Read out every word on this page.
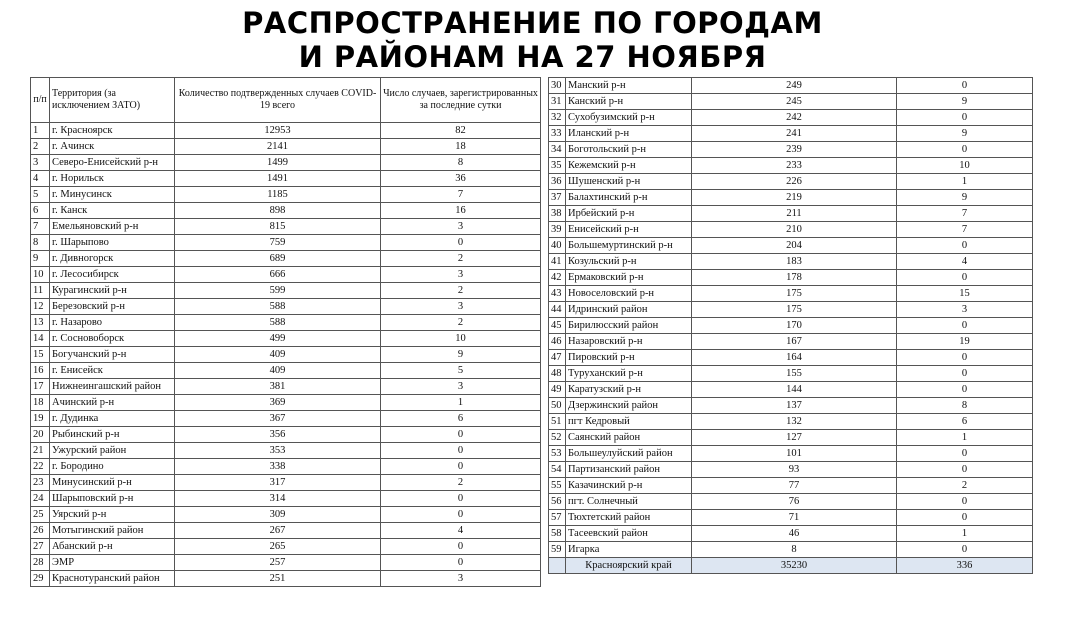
РАСПРОСТРАНЕНИЕ ПО ГОРОДАМ
И РАЙОНАМ НА 27 НОЯБРЯ
п/п	Территория (за исключением ЗАТО)	Количество подтвержденных случаев COVID-19 всего	Число случаев, зарегистрированных за последние сутки
1	г. Красноярск	12953	82
2	г. Ачинск	2141	18
3	Северо-Енисейский р-н	1499	8
4	г. Норильск	1491	36
5	г. Минусинск	1185	7
6	г. Канск	898	16
7	Емельяновский р-н	815	3
8	г. Шарыпово	759	0
9	г. Дивногорск	689	2
10	г. Лесосибирск	666	3
11	Курагинский р-н	599	2
12	Березовский р-н	588	3
13	г. Назарово	588	2
14	г. Сосновоборск	499	10
15	Богучанский р-н	409	9
16	г. Енисейск	409	5
17	Нижнеингашский район	381	3
18	Ачинский р-н	369	1
19	г. Дудинка	367	6
20	Рыбинский р-н	356	0
21	Ужурский район	353	0
22	г. Бородино	338	0
23	Минусинский р-н	317	2
24	Шарыповский р-н	314	0
25	Уярский р-н	309	0
26	Мотыгинский район	267	4
27	Абанский р-н	265	0
28	ЭМР	257	0
29	Краснотуранский район	251	3
30	Манский р-н	249	0
31	Канский р-н	245	9
32	Сухобузимский р-н	242	0
33	Иланский р-н	241	9
34	Боготольский р-н	239	0
35	Кежемский р-н	233	10
36	Шушенский р-н	226	1
37	Балахтинский р-н	219	9
38	Ирбейский р-н	211	7
39	Енисейский р-н	210	7
40	Большемуртинский р-н	204	0
41	Козульский р-н	183	4
42	Ермаковский р-н	178	0
43	Новоселовский р-н	175	15
44	Идринский район	175	3
45	Бирилюсский район	170	0
46	Назаровский р-н	167	19
47	Пировский р-н	164	0
48	Туруханский р-н	155	0
49	Каратузский р-н	144	0
50	Дзержинский район	137	8
51	пгт Кедровый	132	6
52	Саянский район	127	1
53	Большеулуйский район	101	0
54	Партизанский район	93	0
55	Казачинский р-н	77	2
56	пгт. Солнечный	76	0
57	Тюхтетский район	71	0
58	Тасеевский район	46	1
59	Игарка	8	0
	Красноярский край	35230	336
